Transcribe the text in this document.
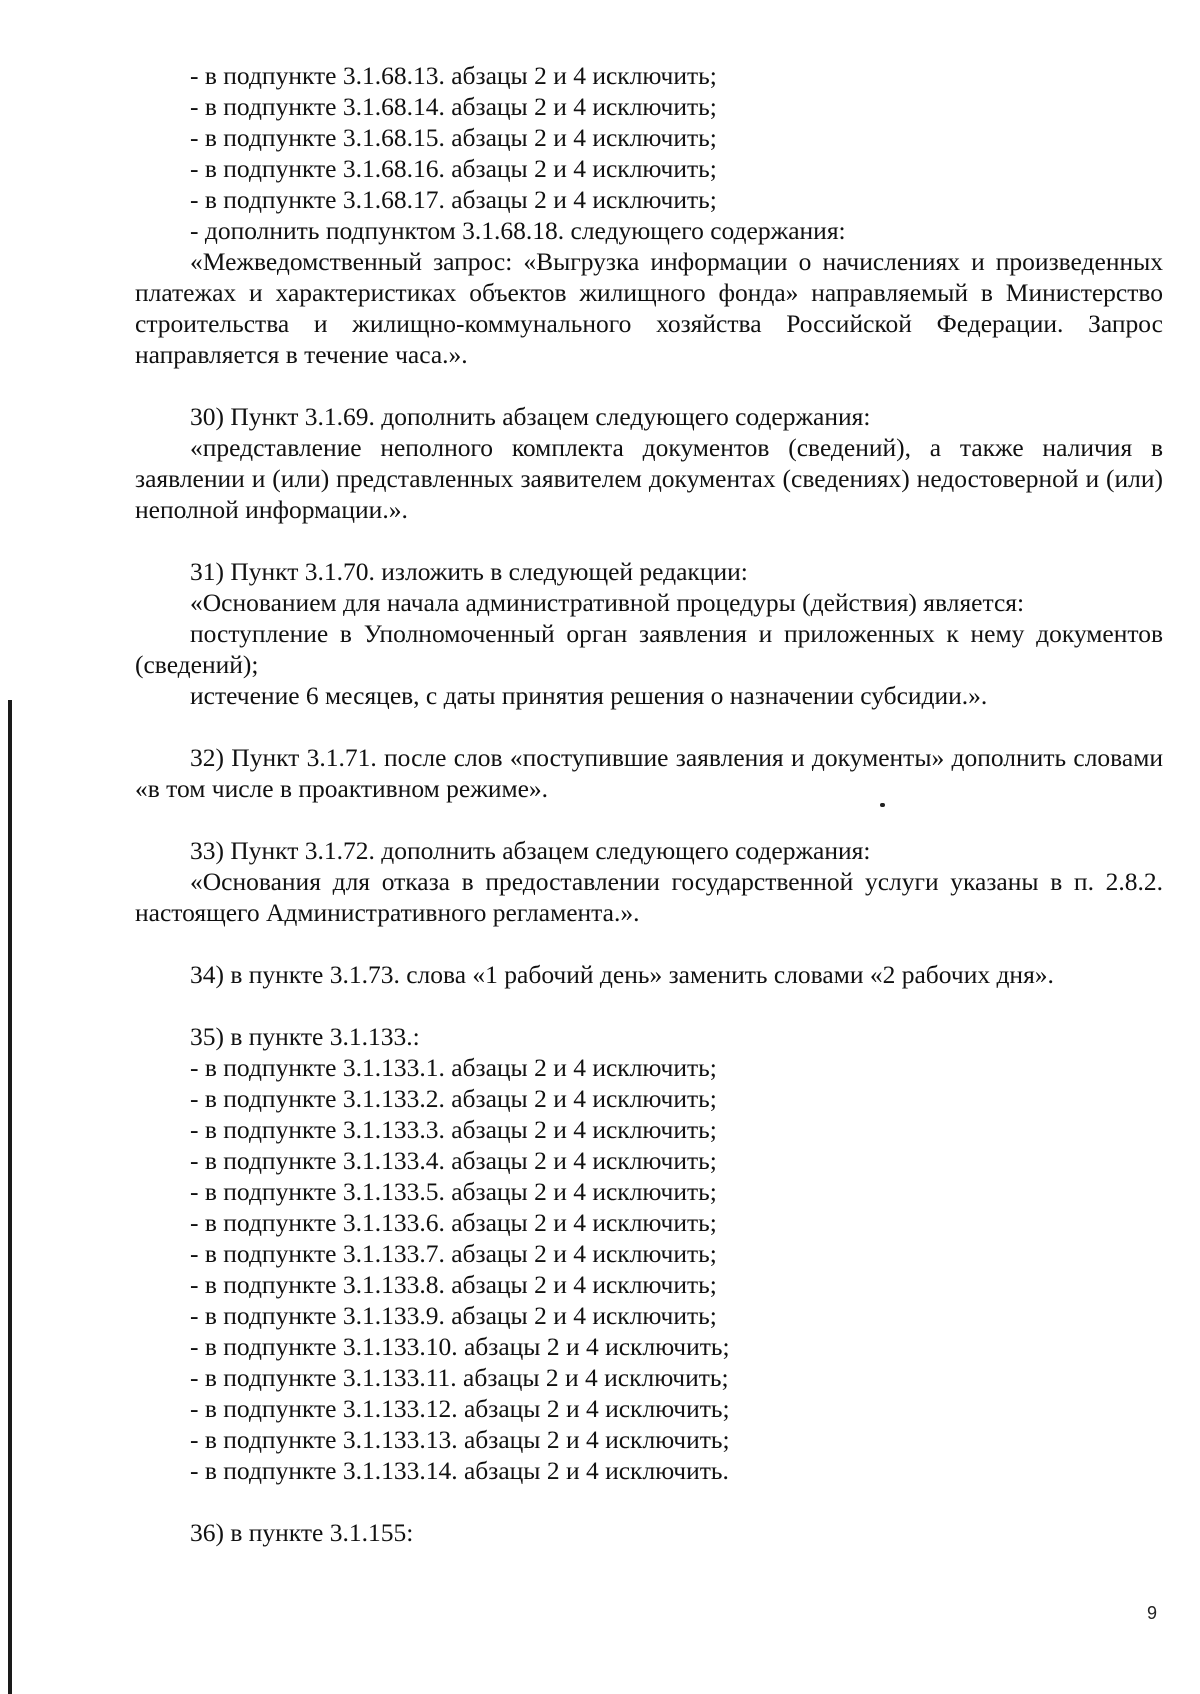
- в подпункте 3.1.68.13. абзацы 2 и 4 исключить;
- в подпункте 3.1.68.14. абзацы 2 и 4 исключить;
- в подпункте 3.1.68.15. абзацы 2 и 4 исключить;
- в подпункте 3.1.68.16. абзацы 2 и 4 исключить;
- в подпункте 3.1.68.17. абзацы 2 и 4 исключить;
- дополнить подпунктом 3.1.68.18. следующего содержания:
«Межведомственный запрос: «Выгрузка информации о начислениях и произведенных платежах и характеристиках объектов жилищного фонда» направляемый в Министерство строительства и жилищно-коммунального хозяйства Российской Федерации. Запрос направляется в течение часа.».
30) Пункт 3.1.69. дополнить абзацем следующего содержания:
«представление неполного комплекта документов (сведений), а также наличия в заявлении и (или) представленных заявителем документах (сведениях) недостоверной и (или) неполной информации.».
31) Пункт 3.1.70. изложить в следующей редакции:
«Основанием для начала административной процедуры (действия) является:
поступление в Уполномоченный орган заявления и приложенных к нему документов (сведений);
истечение 6 месяцев, с даты принятия решения о назначении субсидии.».
32) Пункт 3.1.71. после слов «поступившие заявления и документы» дополнить словами «в том числе в проактивном режиме».
33) Пункт 3.1.72. дополнить абзацем следующего содержания:
«Основания для отказа в предоставлении государственной услуги указаны в п. 2.8.2. настоящего Административного регламента.».
34) в пункте 3.1.73. слова «1 рабочий день» заменить словами «2 рабочих дня».
35) в пункте 3.1.133.:
- в подпункте 3.1.133.1. абзацы 2 и 4 исключить;
- в подпункте 3.1.133.2. абзацы 2 и 4 исключить;
- в подпункте 3.1.133.3. абзацы 2 и 4 исключить;
- в подпункте 3.1.133.4. абзацы 2 и 4 исключить;
- в подпункте 3.1.133.5. абзацы 2 и 4 исключить;
- в подпункте 3.1.133.6. абзацы 2 и 4 исключить;
- в подпункте 3.1.133.7. абзацы 2 и 4 исключить;
- в подпункте 3.1.133.8. абзацы 2 и 4 исключить;
- в подпункте 3.1.133.9. абзацы 2 и 4 исключить;
- в подпункте 3.1.133.10. абзацы 2 и 4 исключить;
- в подпункте 3.1.133.11. абзацы 2 и 4 исключить;
- в подпункте 3.1.133.12. абзацы 2 и 4 исключить;
- в подпункте 3.1.133.13. абзацы 2 и 4 исключить;
- в подпункте 3.1.133.14. абзацы 2 и 4 исключить.
36) в пункте 3.1.155:
9
